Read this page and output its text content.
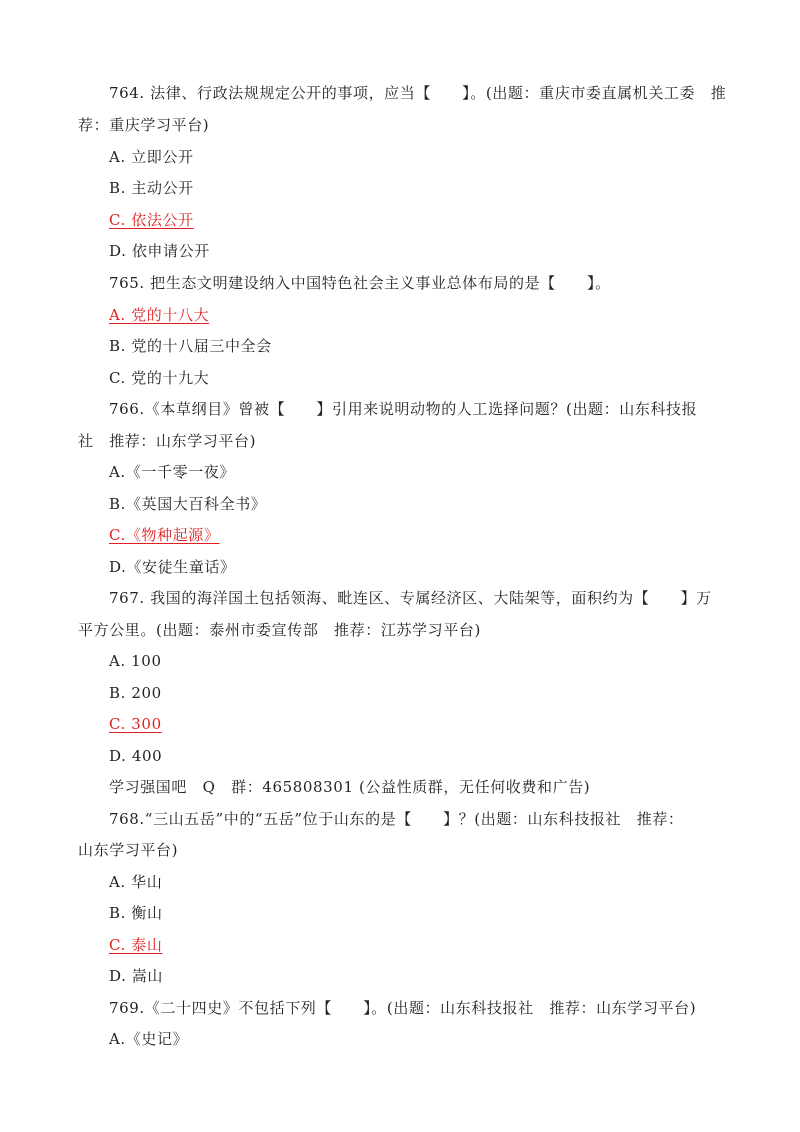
764. 法律、行政法规规定公开的事项，应当【　　】。(出题：重庆市委直属机关工委　推
荐：重庆学习平台)
A. 立即公开
B. 主动公开
C. 依法公开
D. 依申请公开
765. 把生态文明建设纳入中国特色社会主义事业总体布局的是【　　】。
A. 党的十八大
B. 党的十八届三中全会
C. 党的十九大
766.《本草纲目》曾被【　　】引用来说明动物的人工选择问题？(出题：山东科技报
社　推荐：山东学习平台)
A.《一千零一夜》
B.《英国大百科全书》
C.《物种起源》
D.《安徒生童话》
767. 我国的海洋国土包括领海、毗连区、专属经济区、大陆架等，面积约为【　　】万
平方公里。(出题：泰州市委宣传部　推荐：江苏学习平台)
A. 100
B. 200
C. 300
D. 400
学习强国吧　Q　群：465808301 (公益性质群，无任何收费和广告)
768.“三山五岳”中的“五岳”位于山东的是【　　】？(出题：山东科技报社　推荐：
山东学习平台)
A. 华山
B. 衡山
C. 泰山
D. 嵩山
769.《二十四史》不包括下列【　　】。(出题：山东科技报社　推荐：山东学习平台)
A.《史记》
